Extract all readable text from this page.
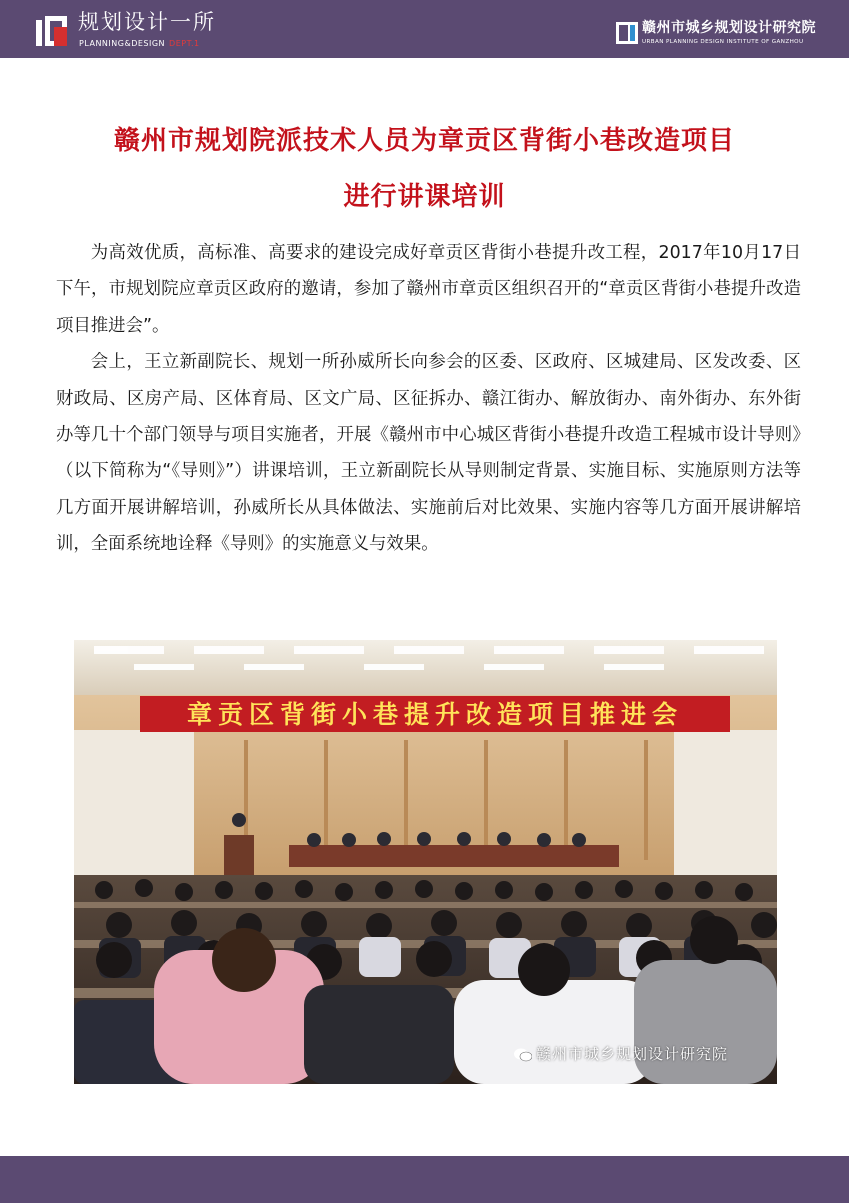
规划设计一所
PLANNING&DESIGN DEPT.1
赣州市城乡规划设计研究院
URBAN PLANNING DESIGN INSTITUTE OF GANZHOU
赣州市规划院派技术人员为章贡区背街小巷改造项目
进行讲课培训

为高效优质，高标准、高要求的建设完成好章贡区背街小巷提升改工程，2017年10月17日下午，市规划院应章贡区政府的邀请，参加了赣州市章贡区组织召开的“章贡区背街小巷提升改造项目推进会”。

会上，王立新副院长、规划一所孙威所长向参会的区委、区政府、区城建局、区发改委、区财政局、区房产局、区体育局、区文广局、区征拆办、赣江街办、解放街办、南外街办、东外街办等几十个部门领导与项目实施者，开展《赣州市中心城区背街小巷提升改造工程城市设计导则》（以下简称为“《导则》”）讲课培训，王立新副院长从导则制定背景、实施目标、实施原则方法等几方面开展讲解培训，孙威所长从具体做法、实施前后对比效果、实施内容等几方面开展讲解培训，全面系统地诠释《导则》的实施意义与效果。

章贡区背街小巷提升改造项目推进会
赣州市城乡规划设计研究院
